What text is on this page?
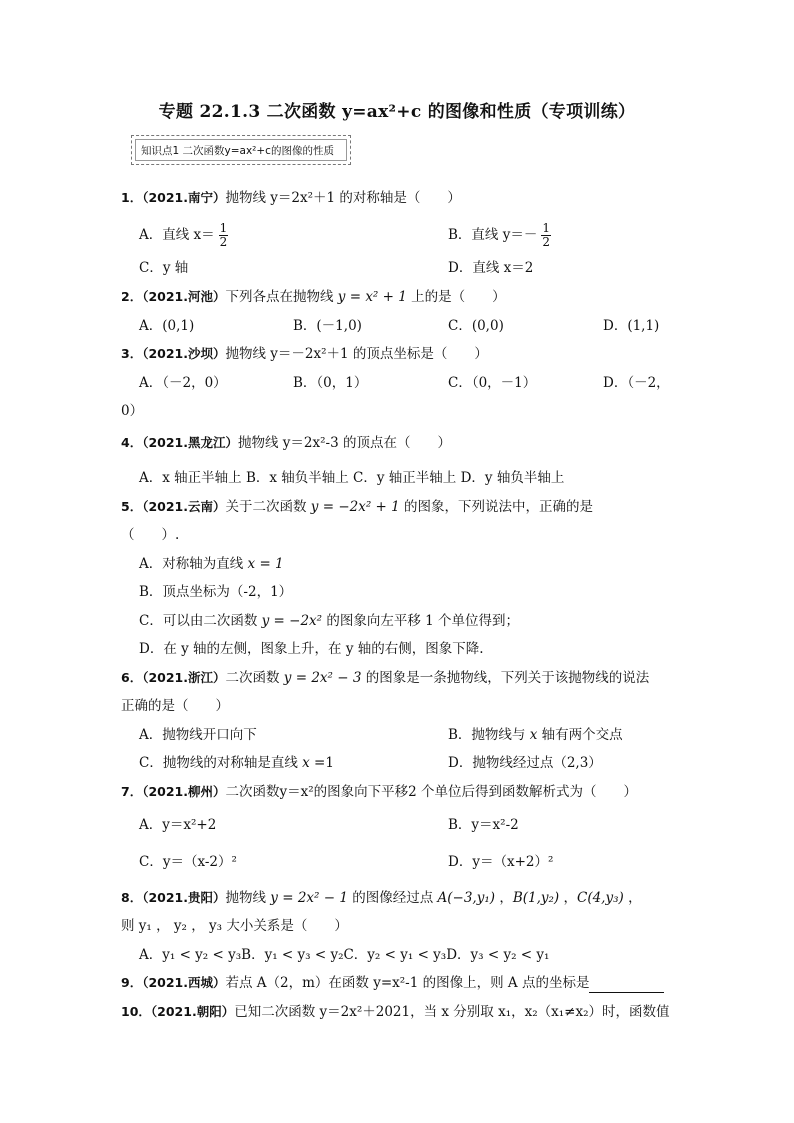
专题 22.1.3 二次函数 y=ax²+c 的图像和性质（专项训练）
知识点1 二次函数y=ax²+c的图像的性质
1．（2021.南宁）抛物线 y＝2x²＋1 的对称轴是（　　）
A．直线 $x= \frac{1}{2}$	B．直线 $y=- \frac{1}{2}$
C．y 轴	D．直线 x＝2
2．（2021.河池）下列各点在抛物线 y = x² + 1 上的是（　　）
A．(0,1)	B．(－1,0)	C．(0,0)	D．(1,1)
3．（2021.沙坝）抛物线 y＝－2x²＋1 的顶点坐标是（　　）
A．（－2，0）	B．（0，1）	C．（0，－1）	D．（－2，
0）
4．（2021.黑龙江）抛物线 y＝2x²-3 的顶点在（　　）
A．x 轴正半轴上 B．x 轴负半轴上 C．y 轴正半轴上 D．y 轴负半轴上
5．（2021.云南）关于二次函数 y = −2x² + 1 的图象，下列说法中，正确的是
（　　）.
A．对称轴为直线 x = 1
B．顶点坐标为（-2，1）
C．可以由二次函数 y = −2x² 的图象向左平移 1 个单位得到；
D．在 y 轴的左侧，图象上升，在 y 轴的右侧，图象下降.
6．（2021.浙江）二次函数 y = 2x² − 3 的图象是一条抛物线，下列关于该抛物线的说法
正确的是（　　）
A．抛物线开口向下	B．抛物线与 x 轴有两个交点
C．抛物线的对称轴是直线 x =1	D．抛物线经过点（2,3）
7．（2021.柳州）二次函数y＝x²的图象向下平移2 个单位后得到函数解析式为（　　）
A．y＝x²+2	B．y＝x²-2
C．y＝（x-2）²	D．y＝（x+2）²
8．（2021.贵阳）抛物线 y = 2x² − 1 的图像经过点 A(−3,y₁) ，B(1,y₂) ，C(4,y₃) ，
则 y₁ ， y₂ ， y₃ 大小关系是（　　）
A．y₁ < y₂ < y₃B．y₁ < y₃ < y₂C．y₂ < y₁ < y₃D．y₃ < y₂ < y₁
9．（2021.西城）若点 A（2，m）在函数 y=x²-1 的图像上，则 A 点的坐标是
10．（2021.朝阳）已知二次函数 y＝2x²＋2021，当 x 分别取 x₁，x₂（x₁≠x₂）时，函数值
